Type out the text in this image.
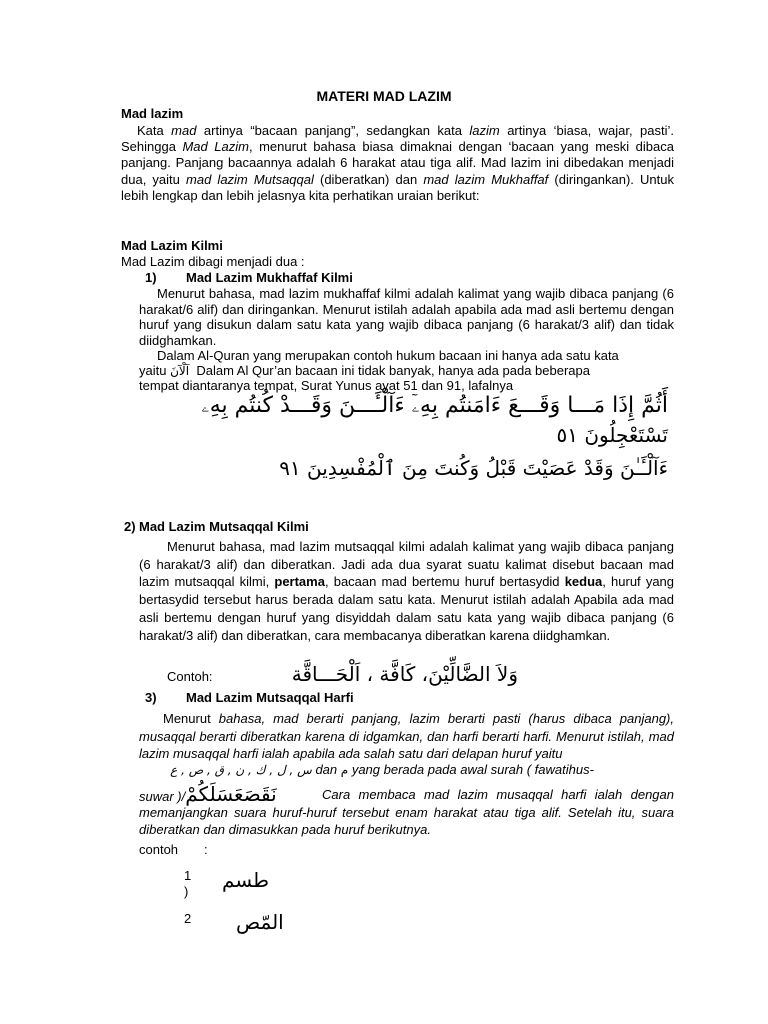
MATERI MAD LAZIM
Mad lazim
Kata mad artinya “bacaan panjang”, sedangkan kata lazim artinya ‘biasa, wajar, pasti’. Sehingga Mad Lazim, menurut bahasa biasa dimaknai dengan ‘bacaan yang meski dibaca panjang. Panjang bacaannya adalah 6 harakat atau tiga alif. Mad lazim ini dibedakan menjadi dua, yaitu mad lazim Mutsaqqal (diberatkan) dan mad lazim Mukhaffaf (diringankan). Untuk lebih lengkap dan lebih jelasnya kita perhatikan uraian berikut:
Mad Lazim Kilmi
Mad Lazim dibagi menjadi dua :
1) Mad Lazim Mukhaffaf Kilmi
Menurut bahasa, mad lazim mukhaffaf kilmi adalah kalimat yang wajib dibaca panjang (6 harakat/6 alif) dan diringankan. Menurut istilah adalah apabila ada mad asli bertemu dengan huruf yang disukun dalam satu kata yang wajib dibaca panjang (6 harakat/3 alif) dan tidak diidghamkan.
Dalam Al-Quran yang merupakan contoh hukum bacaan ini hanya ada satu kata
yaitu آلْآنَ Dalam Al Qur’an bacaan ini tidak banyak, hanya ada pada beberapa
tempat diantaranya tempat, Surat Yunus ayat 51 dan 91, lafalnya
أَثُمَّ إِذَا مَـــا وَقَـــعَ ءَامَنتُم بِهِۦٓ ءَآلْـَٔـــنَ وَقَـــدْ كُنتُم بِهِۦ
تَسْتَعْجِلُونَ ٥١
ءَآلْـَٔـٰنَ وَقَدْ عَصَيْتَ قَبْلُ وَكُنتَ مِنَ ٱلْمُفْسِدِينَ ٩١
2) Mad Lazim Mutsaqqal Kilmi
Menurut bahasa, mad lazim mutsaqqal kilmi adalah kalimat yang wajib dibaca panjang (6 harakat/3 alif) dan diberatkan. Jadi ada dua syarat suatu kalimat disebut bacaan mad lazim mutsaqqal kilmi, pertama, bacaan mad bertemu huruf bertasydid kedua, huruf yang bertasydid tersebut harus berada dalam satu kata. Menurut istilah adalah Apabila ada mad asli bertemu dengan huruf yang disyiddah dalam satu kata yang wajib dibaca panjang (6 harakat/3 alif) dan diberatkan, cara membacanya diberatkan karena diidghamkan.
Contoh:	وَلاَ الضَّالِّيْنَ، كَافَّة ، اَلْحَـــاقَّة
3) Mad Lazim Mutsaqqal Harfi
Menurut bahasa, mad berarti panjang, lazim berarti pasti (harus dibaca panjang), musaqqal berarti diberatkan karena di idgamkan, dan harfi berarti harfi. Menurut istilah, mad lazim musaqqal harfi ialah apabila ada salah satu dari delapan huruf yaitu
س , ل , ك , ن , ق , ص , ع dan م yang berada pada awal surah ( fawatihus-
suwar )/نَقَصَعَسَلَكُمْ	Cara membaca mad lazim musaqqal harfi ialah dengan memanjangkan suara huruf-huruf tersebut enam harakat atau tiga alif. Setelah itu, suara diberatkan dan dimasukkan pada huruf berikutnya.
contoh :
1
) طسم
2 المّص
